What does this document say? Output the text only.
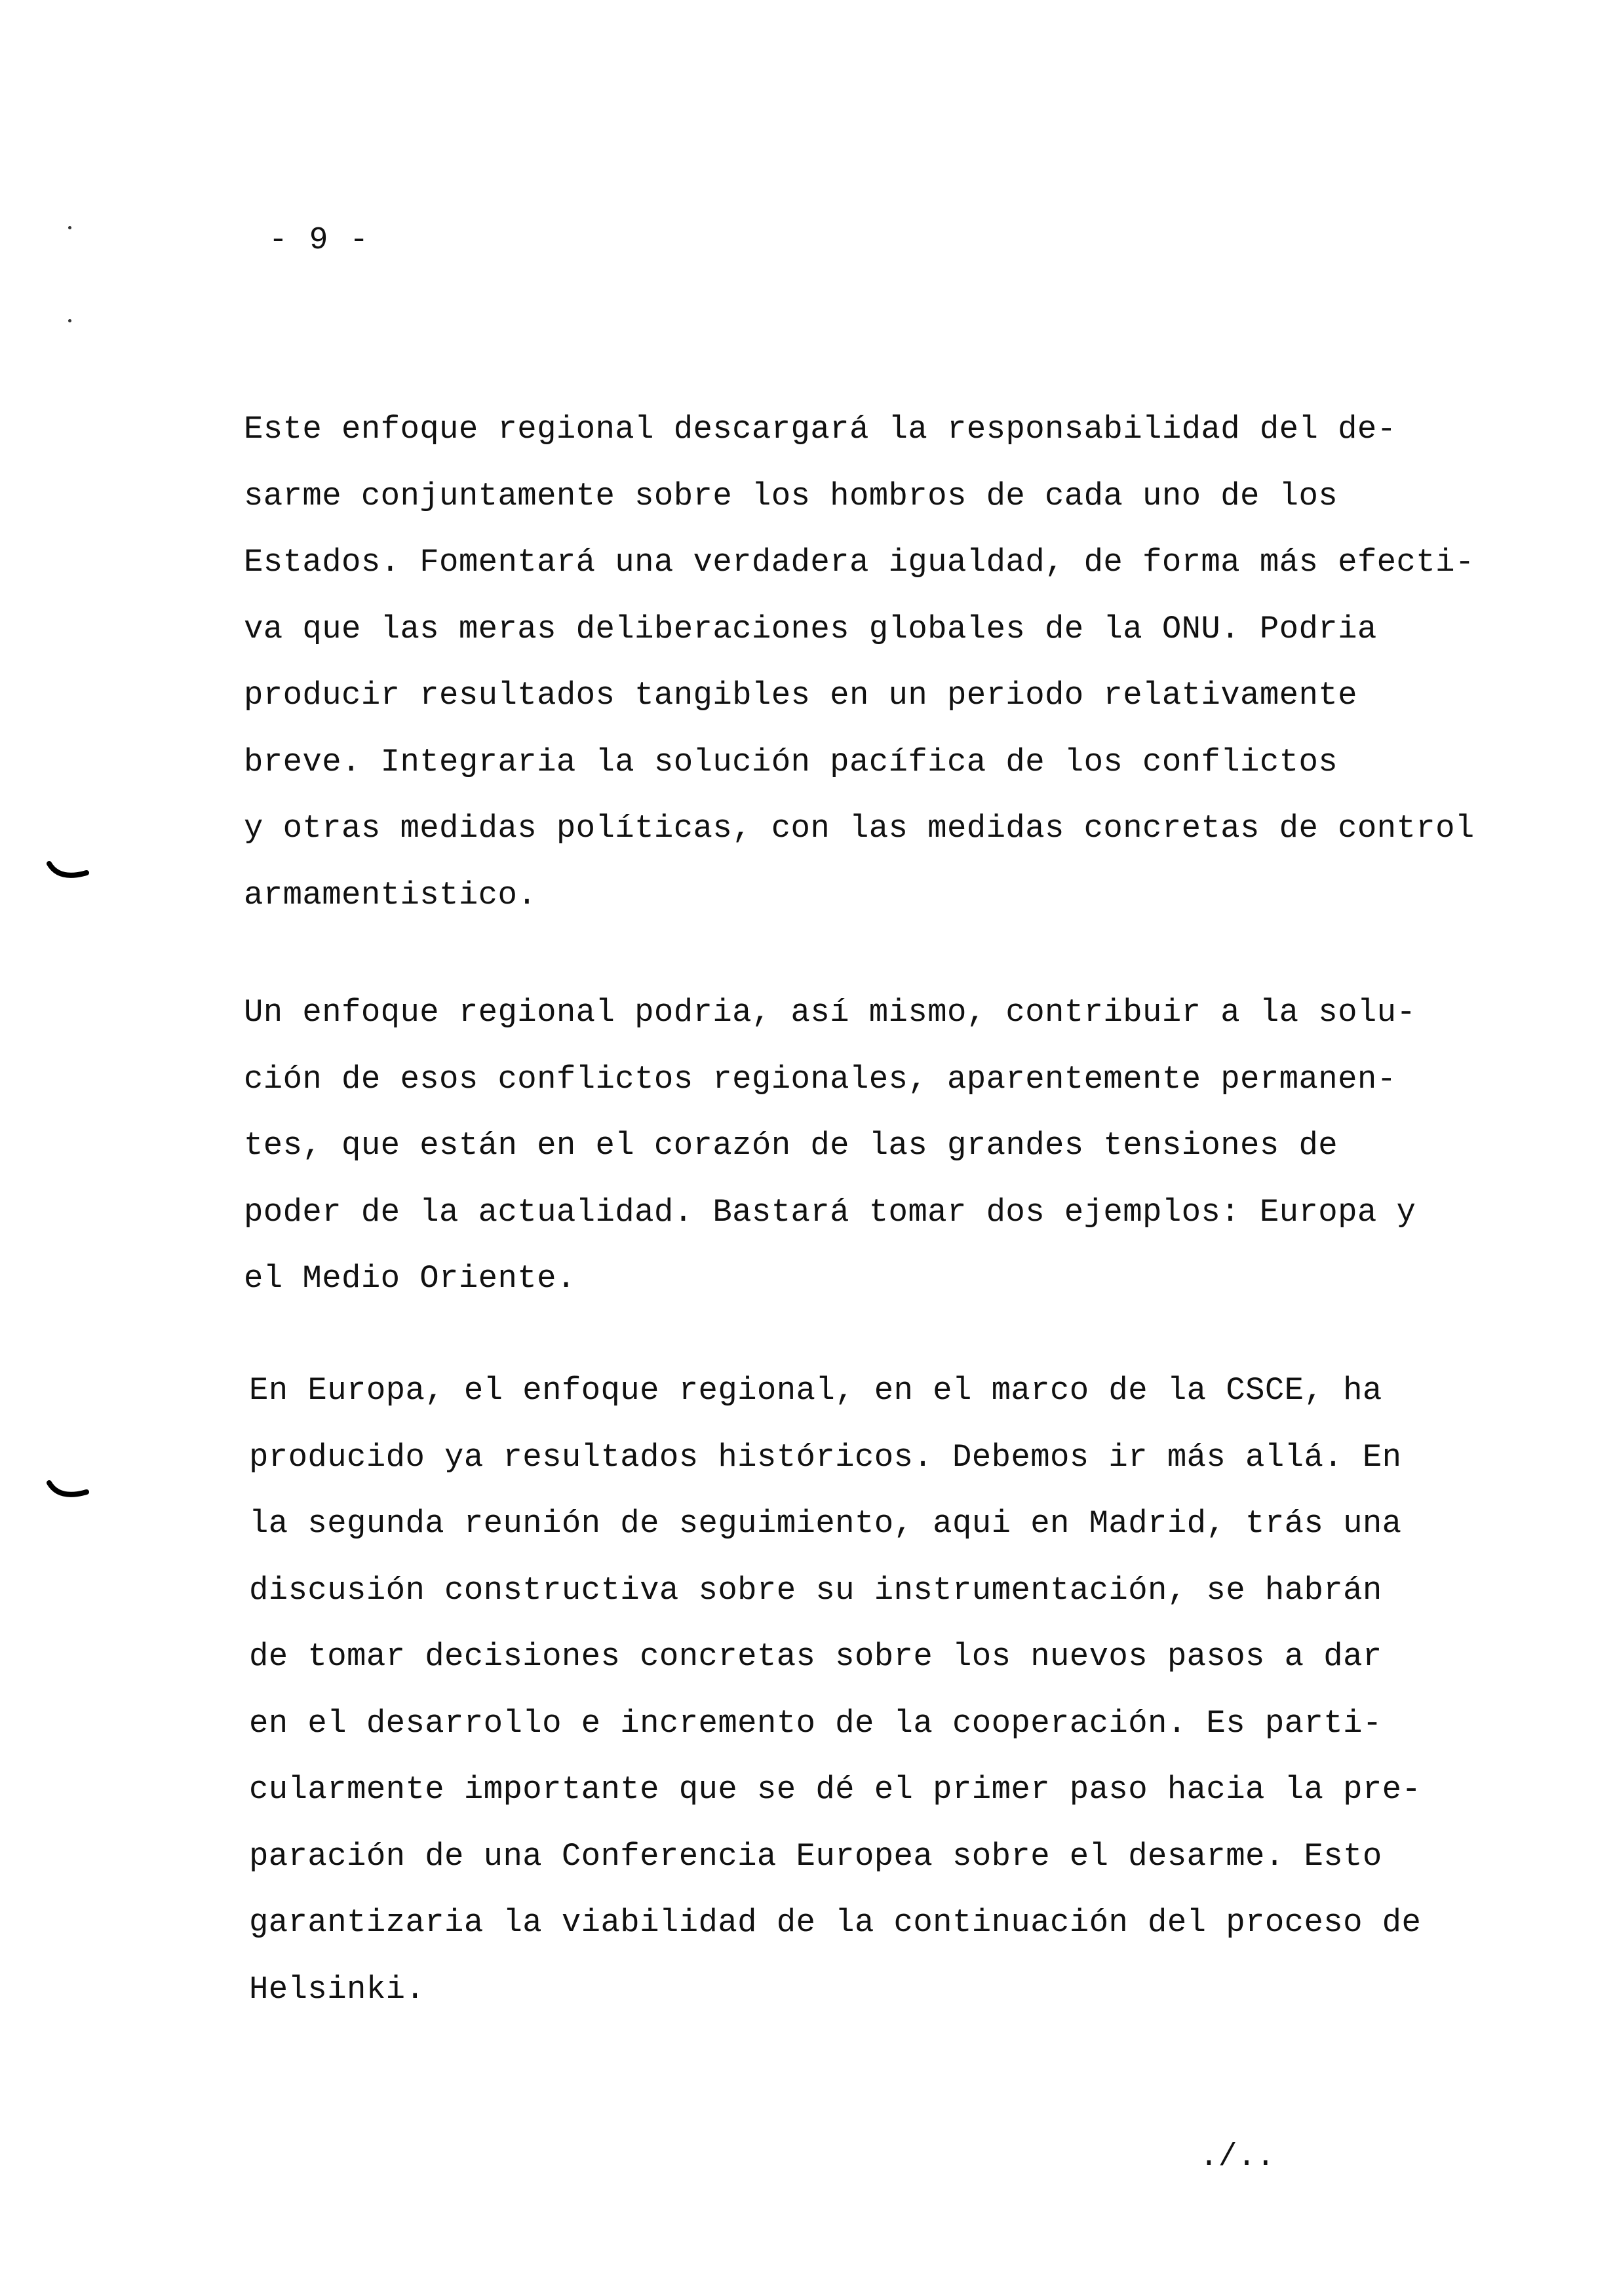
- 9 -
Este enfoque regional descargará la responsabilidad del de-
sarme conjuntamente sobre los hombros de cada uno de los
Estados. Fomentará una verdadera igualdad, de forma más efecti-
va que las meras deliberaciones globales de la ONU. Podria
producir resultados tangibles en un periodo relativamente
breve. Integraria la solución pacífica de los conflictos
y otras medidas políticas, con las medidas concretas de control
armamentistico.
Un enfoque regional podria, así mismo, contribuir a la solu-
ción de esos conflictos regionales, aparentemente permanen-
tes, que están en el corazón de las grandes tensiones de
poder de la actualidad. Bastará tomar dos ejemplos: Europa y
el Medio Oriente.
En Europa, el enfoque regional, en el marco de la CSCE, ha
producido ya resultados históricos. Debemos ir más allá. En
la segunda reunión de seguimiento, aqui en Madrid, trás una
discusión constructiva sobre su instrumentación, se habrán
de tomar decisiones concretas sobre los nuevos pasos a dar
en el desarrollo e incremento de la cooperación. Es parti-
cularmente importante que se dé el primer paso hacia la pre-
paración de una Conferencia Europea sobre el desarme. Esto
garantizaria la viabilidad de la continuación del proceso de
Helsinki.
./..
